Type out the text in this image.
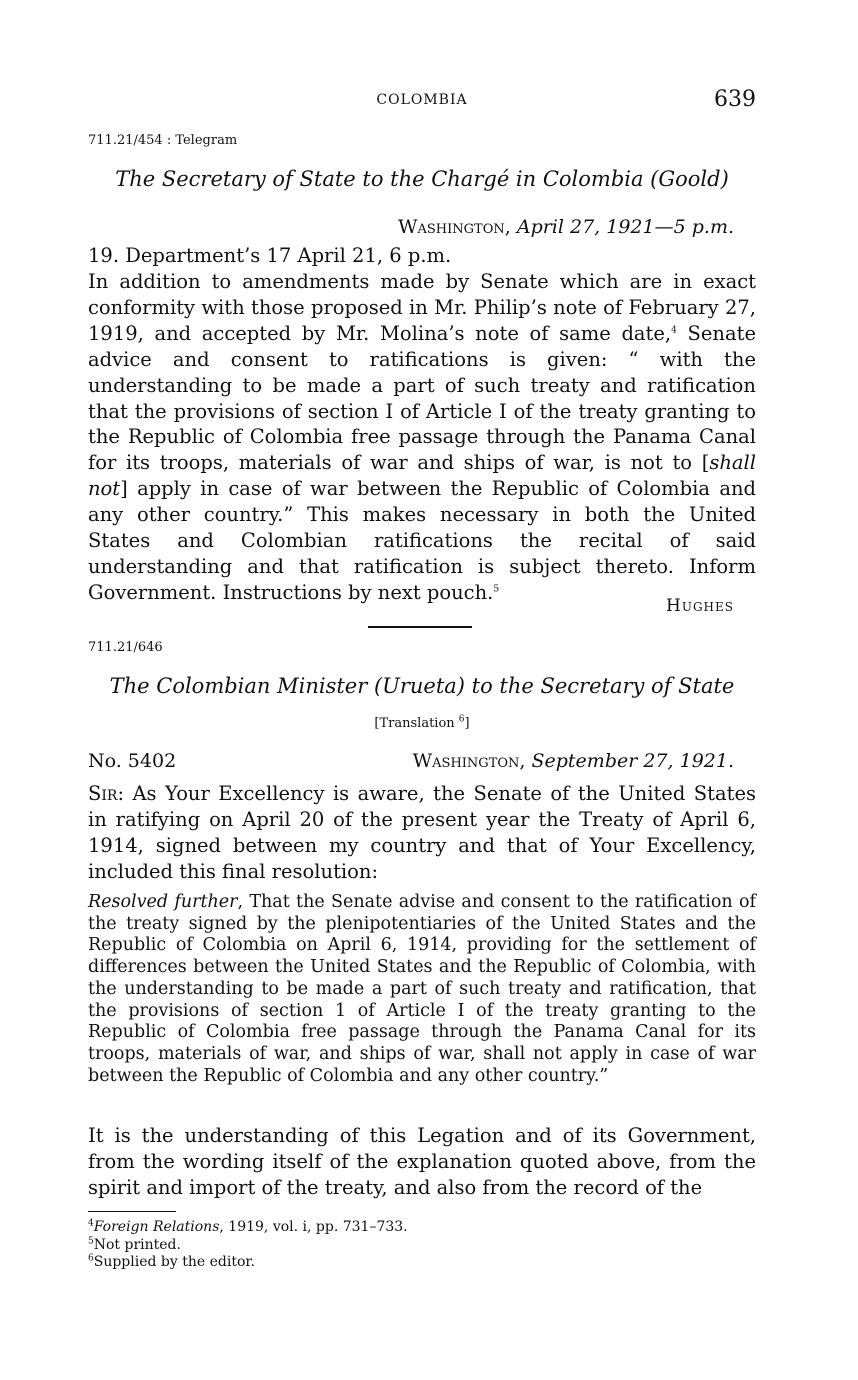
COLOMBIA	639
711.21/454 : Telegram
The Secretary of State to the Chargé in Colombia (Goold)
Washington, April 27, 1921—5 p.m.

19. Department’s 17 April 21, 6 p.m.

In addition to amendments made by Senate which are in exact conformity with those proposed in Mr. Philip’s note of February 27, 1919, and accepted by Mr. Molina’s note of same date,$^4$ Senate advice and consent to ratifications is given: “ with the understanding to be made a part of such treaty and ratification that the provisions of section I of Article I of the treaty granting to the Republic of Colombia free passage through the Panama Canal for its troops, materials of war and ships of war, is not to [shall not] apply in case of war between the Republic of Colombia and any other country.” This makes necessary in both the United States and Colombian ratifications the recital of said understanding and that ratification is subject thereto. Inform Government. Instructions by next pouch.$^5$

Hughes
711.21/646
The Colombian Minister (Urueta) to the Secretary of State
[Translation $^6$]
No. 5402	Washington, September 27, 1921.

Sir: As Your Excellency is aware, the Senate of the United States in ratifying on April 20 of the present year the Treaty of April 6, 1914, signed between my country and that of Your Excellency, included this final resolution:

Resolved further, That the Senate advise and consent to the ratification of the treaty signed by the plenipotentiaries of the United States and the Republic of Colombia on April 6, 1914, providing for the settlement of differences between the United States and the Republic of Colombia, with the understanding to be made a part of such treaty and ratification, that the provisions of section 1 of Article I of the treaty granting to the Republic of Colombia free passage through the Panama Canal for its troops, materials of war, and ships of war, shall not apply in case of war between the Republic of Colombia and any other country.”

It is the understanding of this Legation and of its Government, from the wording itself of the explanation quoted above, from the spirit and import of the treaty, and also from the record of the

$^4$Foreign Relations, 1919, vol. i, pp. 731–733.
$^5$Not printed.
$^6$Supplied by the editor.
